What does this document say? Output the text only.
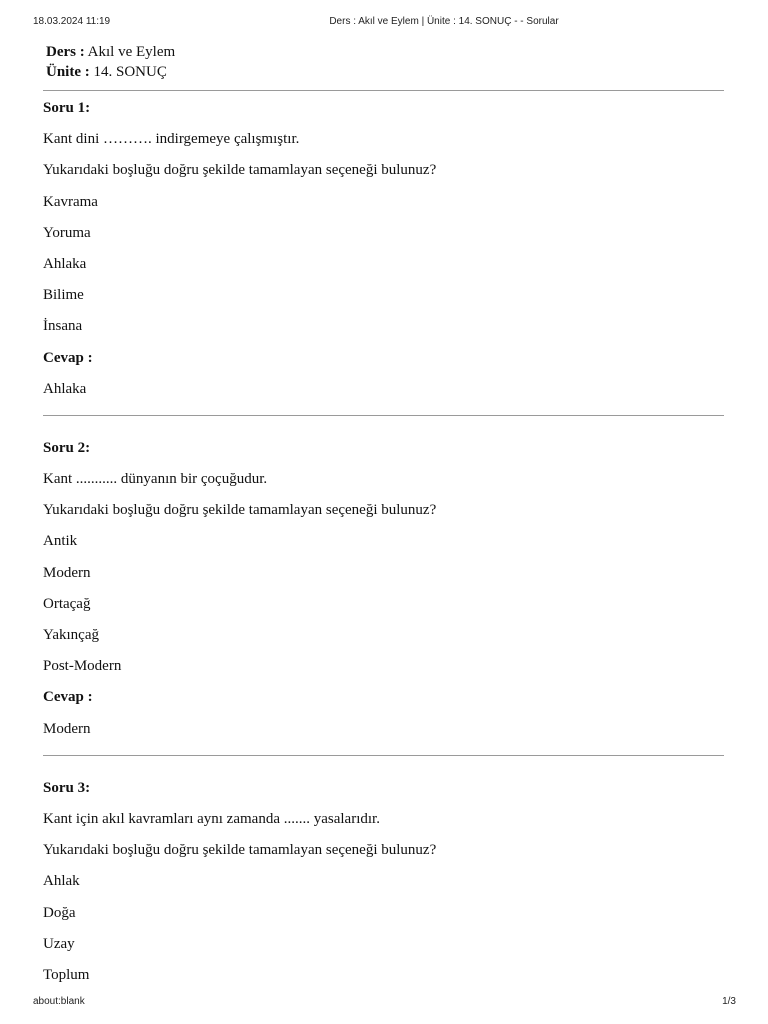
18.03.2024 11:19	Ders : Akıl ve Eylem | Ünite : 14. SONUÇ - - Sorular
Ders : Akıl ve Eylem
Ünite : 14. SONUÇ
Soru 1:
Kant dini ………. indirgemeye çalışmıştır.
Yukarıdaki boşluğu doğru şekilde tamamlayan seçeneği bulunuz?
Kavrama
Yoruma
Ahlaka
Bilime
İnsana
Cevap :
Ahlaka
Soru 2:
Kant ........... dünyanın bir çoçuğudur.
Yukarıdaki boşluğu doğru şekilde tamamlayan seçeneği bulunuz?
Antik
Modern
Ortaçağ
Yakınçağ
Post-Modern
Cevap :
Modern
Soru 3:
Kant için akıl kavramları aynı zamanda ....... yasalarıdır.
Yukarıdaki boşluğu doğru şekilde tamamlayan seçeneği bulunuz?
Ahlak
Doğa
Uzay
Toplum
about:blank	1/3
